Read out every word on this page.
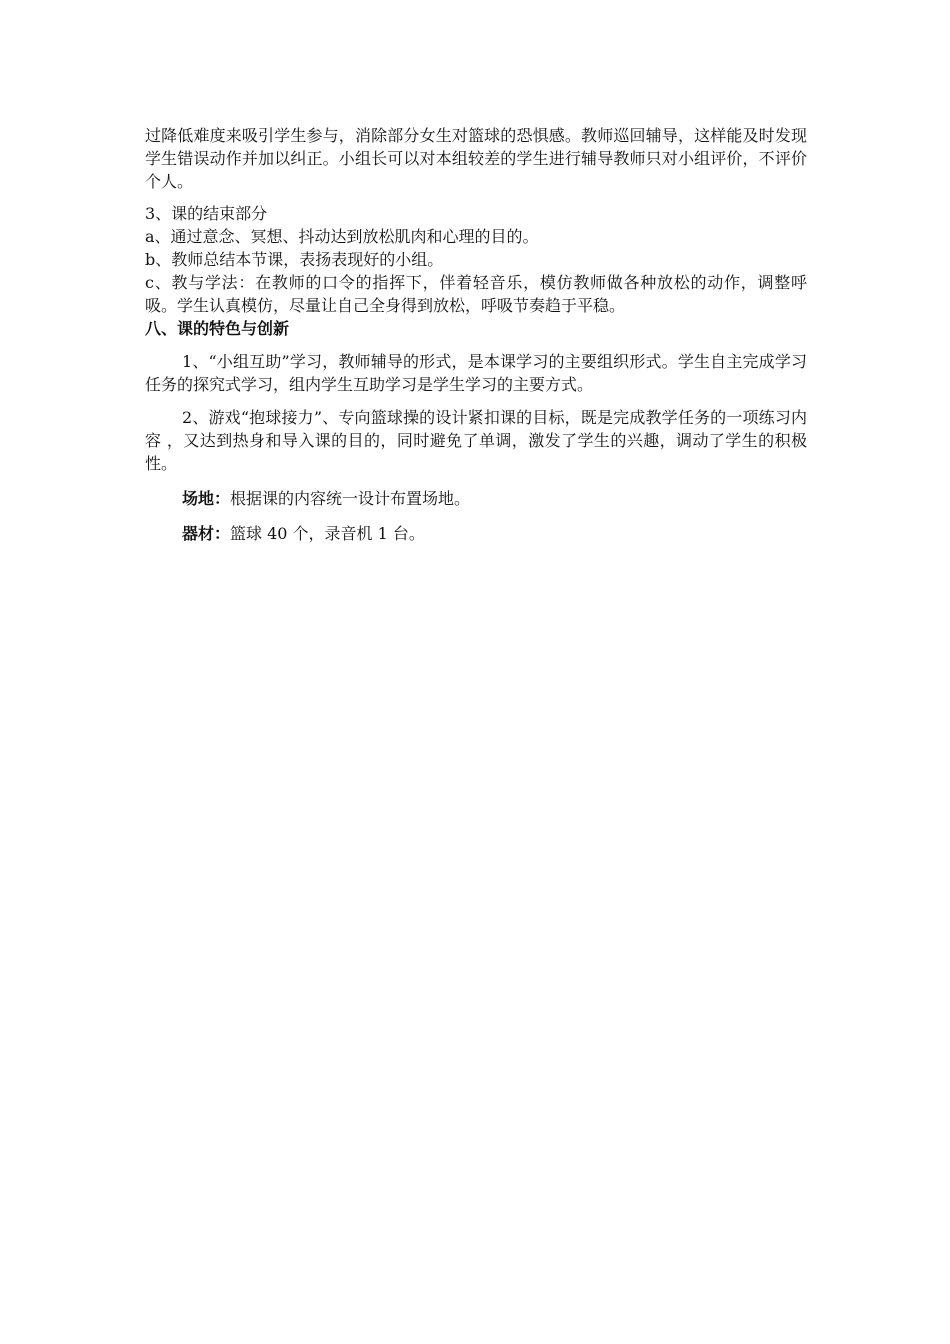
过降低难度来吸引学生参与，消除部分女生对篮球的恐惧感。教师巡回辅导，这样能及时发现学生错误动作并加以纠正。小组长可以对本组较差的学生进行辅导教师只对小组评价，不评价个人。

3、课的结束部分

a、通过意念、冥想、抖动达到放松肌肉和心理的目的。

b、教师总结本节课，表扬表现好的小组。

c、教与学法：在教师的口令的指挥下，伴着轻音乐，模仿教师做各种放松的动作，调整呼吸。学生认真模仿，尽量让自己全身得到放松，呼吸节奏趋于平稳。

八、课的特色与创新

1、“小组互助”学习，教师辅导的形式，是本课学习的主要组织形式。学生自主完成学习任务的探究式学习，组内学生互助学习是学生学习的主要方式。

2、游戏“抱球接力”、专向篮球操的设计紧扣课的目标，既是完成教学任务的一项练习内容 ，又达到热身和导入课的目的，同时避免了单调，激发了学生的兴趣，调动了学生的积极性。

场地：根据课的内容统一设计布置场地。

器材：篮球 40 个，录音机 1 台。
